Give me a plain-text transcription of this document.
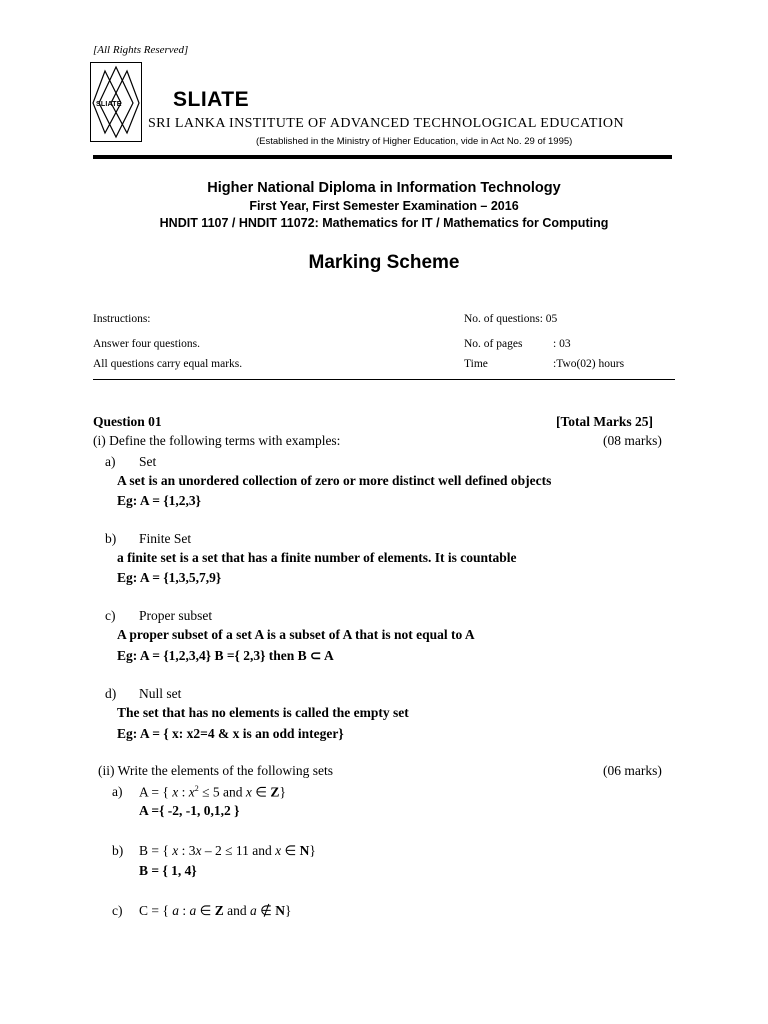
[All Rights Reserved]
SLIATE SLIATE
SRI LANKA INSTITUTE OF ADVANCED TECHNOLOGICAL EDUCATION
(Established in the Ministry of Higher Education, vide in Act No. 29 of 1995)
Higher National Diploma in Information Technology
First Year, First Semester Examination – 2016
HNDIT 1107 / HNDIT 11072: Mathematics for IT / Mathematics for Computing
Marking Scheme
Instructions:
Answer four questions.
All questions carry equal marks.
No. of questions: 05
No. of pages	: 03
Time	:Two(02) hours
Question 01	[Total Marks 25]
(i) Define the following terms with examples:	(08 marks)
a) Set
A set is an unordered collection of zero or more distinct well defined objects
Eg: A = {1,2,3}
b) Finite Set
a finite set is a set that has a finite number of elements. It is countable
Eg: A = {1,3,5,7,9}
c) Proper subset
A proper subset of a set A is a subset of A that is not equal to A
Eg: A = {1,2,3,4} B ={ 2,3} then B ⊂ A
d) Null set
The set that has no elements is called the empty set
Eg: A = { x: x2=4 & x is an odd integer}
(ii) Write the elements of the following sets	(06 marks)
a) A = { x : $x^2 \le 5$ and x ∈ Z}
A ={ -2, -1, 0,1,2 }
b) B = { x : 3x – 2 ≤ 11 and x ∈ N}
B = { 1, 4}
c) C = { a : a ∈ Z and a ∉ N}
